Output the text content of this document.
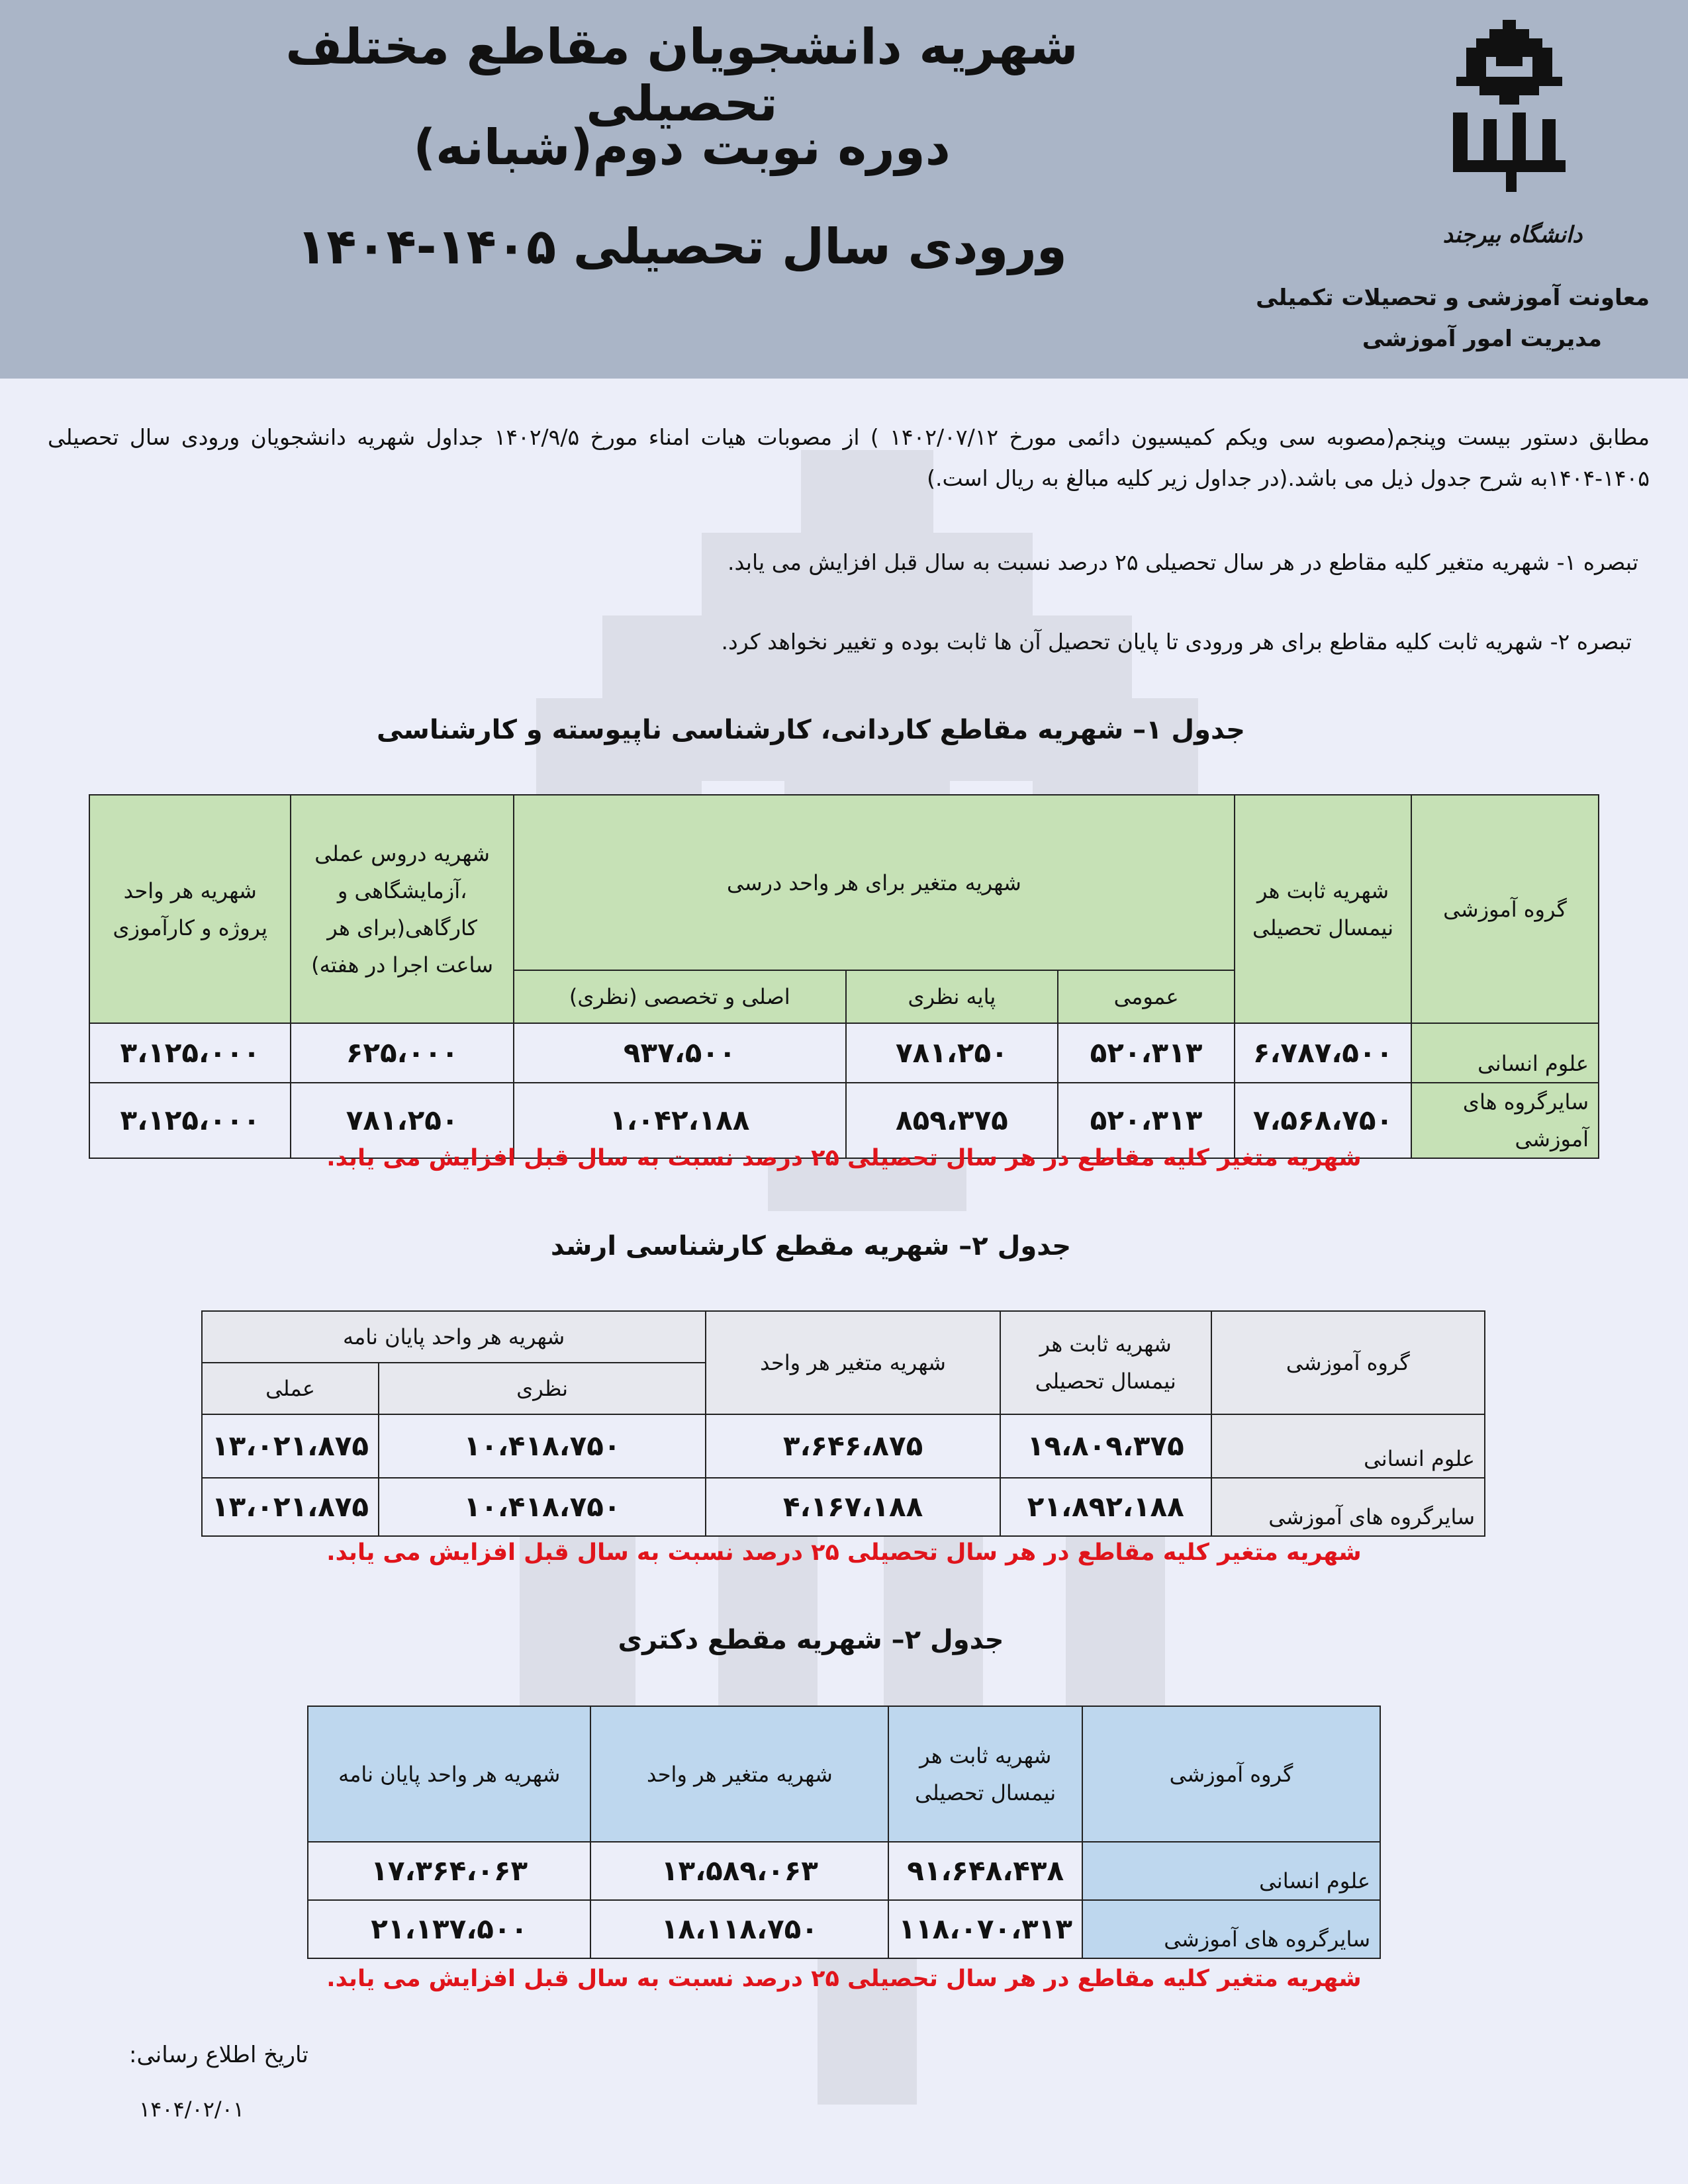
شهریه دانشجویان مقاطع مختلف تحصیلی
دوره نوبت دوم(شبانه)
ورودی سال تحصیلی ۱۴۰۵-۱۴۰۴	دانشگاه بیرجند
معاونت آموزشی و تحصیلات تکمیلی
مدیریت امور آموزشی
مطابق دستور بیست وپنجم(مصوبه سی ویکم کمیسیون دائمی مورخ ۱۴۰۲/۰۷/۱۲ ) از مصوبات هیات امناء مورخ ۱۴۰۲/۹/۵ جداول شهریه دانشجویان ورودی سال تحصیلی ۱۴۰۵-۱۴۰۴به شرح جدول ذیل می باشد.(در جداول زیر کلیه مبالغ به ریال است.)
تبصره ۱- شهریه متغیر کلیه مقاطع در هر سال تحصیلی ۲۵ درصد نسبت به سال قبل افزایش می یابد.
تبصره ۲- شهریه ثابت کلیه مقاطع برای هر ورودی تا پایان تحصیل آن ها ثابت بوده و تغییر نخواهد کرد.
جدول ۱– شهریه مقاطع کاردانی، کارشناسی ناپیوسته و کارشناسی
گروه آموزشی	شهریه ثابت هر نیمسال تحصیلی	شهریه متغیر برای هر واحد درسی			شهریه دروس عملی ،آزمایشگاهی و کارگاهی(برای هر ساعت اجرا در هفته)	شهریه هر واحد پروژه و کارآموزی
		عمومی	پایه نظری	اصلی و تخصصی (نظری)		
علوم انسانی	۶،۷۸۷،۵۰۰	۵۲۰،۳۱۳	۷۸۱،۲۵۰	۹۳۷،۵۰۰	۶۲۵،۰۰۰	۳،۱۲۵،۰۰۰
سایرگروه های آموزشی	۷،۵۶۸،۷۵۰	۵۲۰،۳۱۳	۸۵۹،۳۷۵	۱،۰۴۲،۱۸۸	۷۸۱،۲۵۰	۳،۱۲۵،۰۰۰
شهریه متغیر کلیه مقاطع در هر سال تحصیلی ۲۵ درصد نسبت به سال قبل افزایش می یابد.
جدول ۲– شهریه مقطع کارشناسی ارشد
گروه آموزشی	شهریه ثابت هر نیمسال تحصیلی	شهریه متغیر هر واحد	شهریه هر واحد پایان نامه	
			نظری	عملی
علوم انسانی	۱۹،۸۰۹،۳۷۵	۳،۶۴۶،۸۷۵	۱۰،۴۱۸،۷۵۰	۱۳،۰۲۱،۸۷۵
سایرگروه های آموزشی	۲۱،۸۹۲،۱۸۸	۴،۱۶۷،۱۸۸	۱۰،۴۱۸،۷۵۰	۱۳،۰۲۱،۸۷۵
شهریه متغیر کلیه مقاطع در هر سال تحصیلی ۲۵ درصد نسبت به سال قبل افزایش می یابد.
جدول ۲– شهریه مقطع دکتری
گروه آموزشی	شهریه ثابت هر نیمسال تحصیلی	شهریه متغیر هر واحد	شهریه هر واحد پایان نامه
علوم انسانی	۹۱،۶۴۸،۴۳۸	۱۳،۵۸۹،۰۶۳	۱۷،۳۶۴،۰۶۳
سایرگروه های آموزشی	۱۱۸،۰۷۰،۳۱۳	۱۸،۱۱۸،۷۵۰	۲۱،۱۳۷،۵۰۰
شهریه متغیر کلیه مقاطع در هر سال تحصیلی ۲۵ درصد نسبت به سال قبل افزایش می یابد.
تاریخ اطلاع رسانی:
۱۴۰۴/۰۲/۰۱
